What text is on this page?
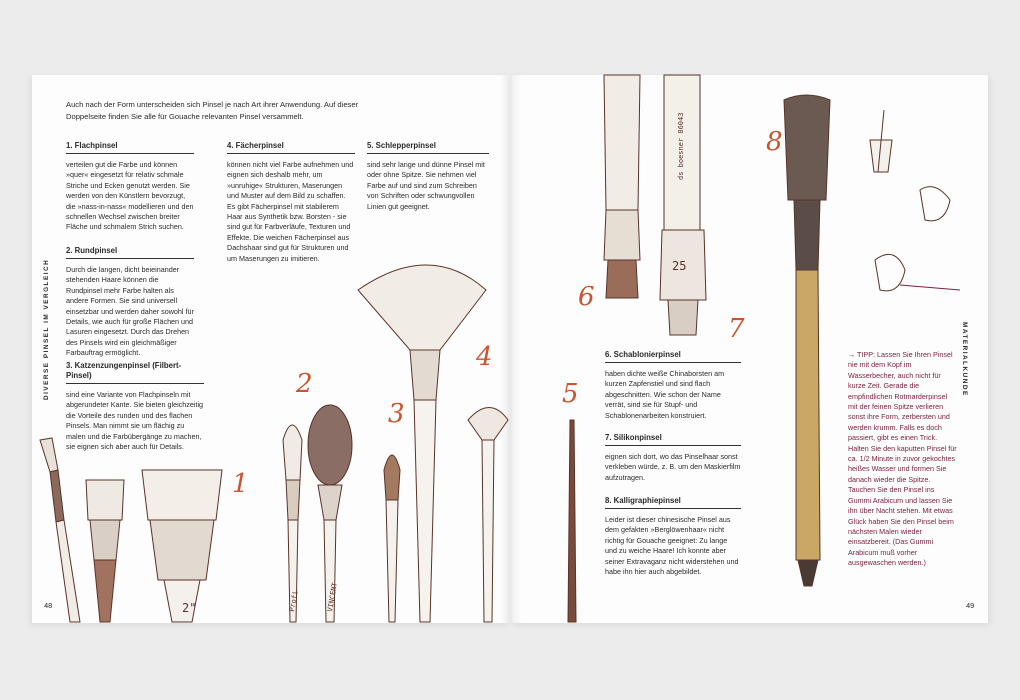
2"
25
ds boesner 86043
Profi	VINCENT
1
2
3
4
5
6
7
8
Auch nach der Form unterscheiden sich Pinsel je nach Art ihrer Anwendung. Auf dieser Doppelseite finden Sie alle für Gouache relevanten Pinsel versammelt.
1. Flachpinsel
verteilen gut die Farbe und können »quer« eingesetzt für relativ schmale Striche und Ecken genutzt werden. Sie werden von den Künstlern bevorzugt, die »nass-in-nass« modellieren und den schnellen Wechsel zwischen breiter Fläche und schmalem Strich suchen.
2. Rundpinsel
Durch die langen, dicht beieinander stehenden Haare können die Rundpinsel mehr Farbe halten als andere Formen. Sie sind universell einsetzbar und werden daher sowohl für Details, wie auch für große Flächen und Lasuren eingesetzt. Durch das Drehen des Pinsels wird ein gleichmäßiger Farbauftrag ermöglicht.
3. Katzenzungenpinsel (Filbert-Pinsel)
sind eine Variante von Flachpinseln mit abgerundeter Kante. Sie bieten gleichzeitig die Vorteile des runden und des flachen Pinsels. Man nimmt sie um flächig zu malen und die Farbübergänge zu machen, sie eignen sich aber auch für Details.
4. Fächerpinsel
können nicht viel Farbe aufnehmen und eignen sich deshalb mehr, um »unruhige« Strukturen, Maserungen und Muster auf dem Bild zu schaffen. Es gibt Fächerpinsel mit stabilerem Haar aus Synthetik bzw. Borsten - sie sind gut für Farbverläufe, Texturen und Effekte. Die weichen Fächerpinsel aus Dachshaar sind gut für Strukturen und um Maserungen zu imitieren.
5. Schlepperpinsel
sind sehr lange und dünne Pinsel mit oder ohne Spitze. Sie nehmen viel Farbe auf und sind zum Schreiben von Schriften oder schwungvollen Linien gut geeignet.
DIVERSE PINSEL IM VERGLEICH
48
6. Schablonierpinsel
haben dichte weiße Chinaborsten am kurzen Zapfenstiel und sind flach abgeschnitten. Wie schon der Name verrät, sind sie für Stupf- und Schablonenarbeiten konstruiert.
7. Silikonpinsel
eignen sich dort, wo das Pinselhaar sonst verkleben würde, z. B. um den Maskierfilm aufzutragen.
8. Kalligraphiepinsel
Leider ist dieser chinesische Pinsel aus dem gefakten »Berglöwenhaar« nicht richtig für Gouache geeignet: Zu lange und zu weiche Haare! Ich konnte aber seiner Extravaganz nicht widerstehen und habe ihn hier auch abgebildet.
→ TIPP: Lassen Sie Ihren Pinsel nie mit dem Kopf im Wasserbecher, auch nicht für kurze Zeit. Gerade die empfindlichen Rotmarderpinsel mit der feinen Spitze verlieren sonst ihre Form, zerbersten und werden krumm. Falls es doch passiert, gibt es einen Trick. Halten Sie den kaputten Pinsel für ca. 1/2 Minute in zuvor gekochtes heißes Wasser und formen Sie danach wieder die Spitze. Tauchen Sie den Pinsel ins Gummi Arabicum und lassen Sie ihn über Nacht stehen. Mit etwas Glück haben Sie den Pinsel beim nächsten Malen wieder einsatzbereit. (Das Gummi Arabicum muß vorher ausgewaschen werden.)
MATERIALKUNDE
49
